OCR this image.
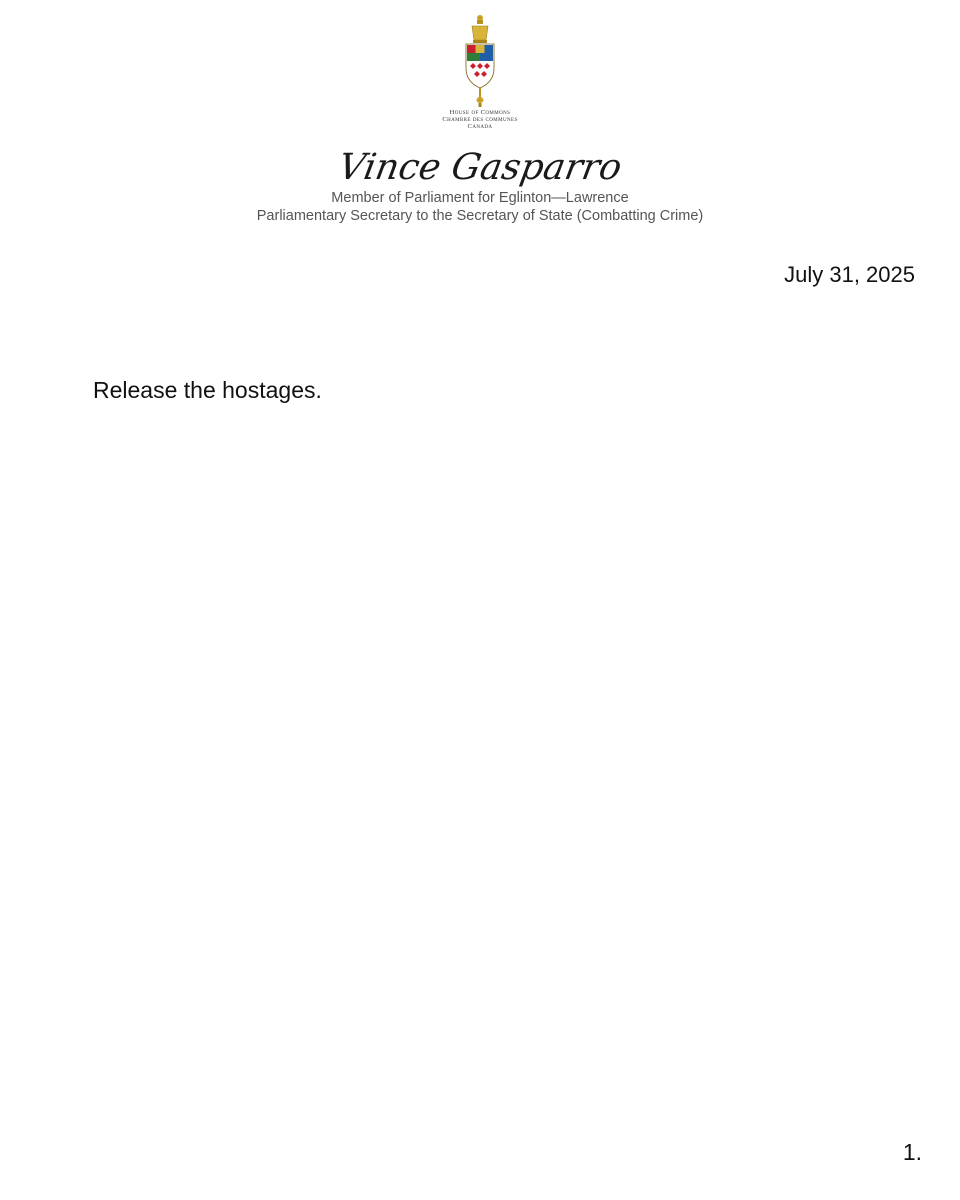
House of Commons
Chambre des communes
Canada
Vince Gasparro
Member of Parliament for Eglinton—Lawrence
Parliamentary Secretary to the Secretary of State (Combatting Crime)
July 31, 2025
Release the hostages.
1.
